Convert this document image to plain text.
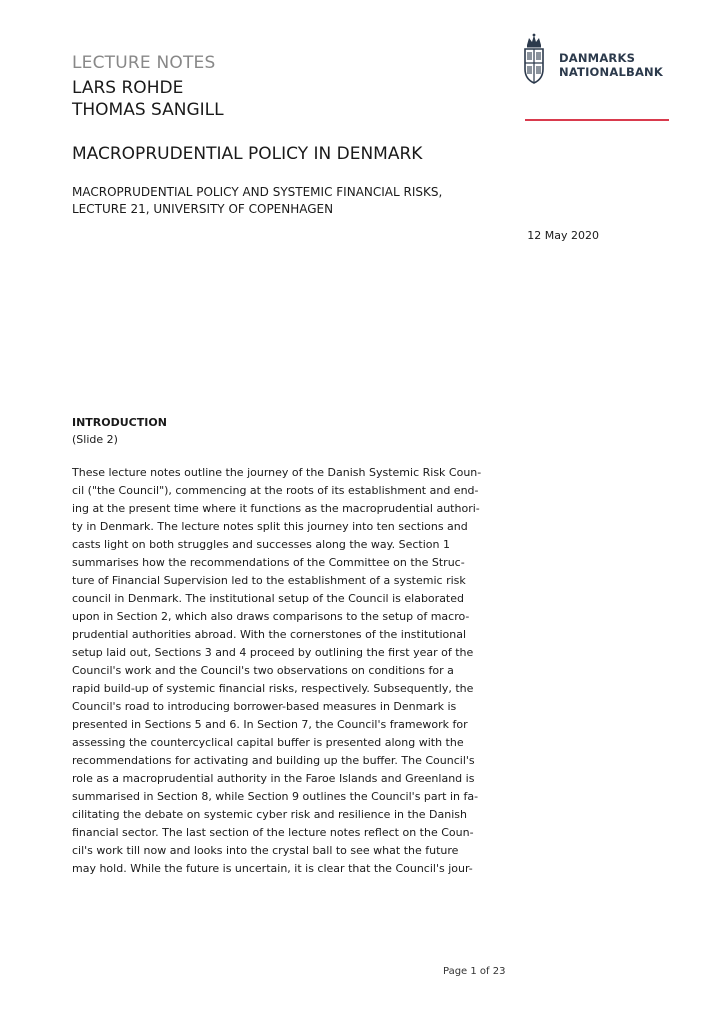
LECTURE NOTES
LARS ROHDE
THOMAS SANGILL
MACROPRUDENTIAL POLICY IN DENMARK
MACROPRUDENTIAL POLICY AND SYSTEMIC FINANCIAL RISKS,
LECTURE 21, UNIVERSITY OF COPENHAGEN
12 May 2020
DANMARKS
NATIONALBANK
INTRODUCTION
(Slide 2)
These lecture notes outline the journey of the Danish Systemic Risk Coun-
cil ("the Council"), commencing at the roots of its establishment and end-
ing at the present time where it functions as the macroprudential authori-
ty in Denmark. The lecture notes split this journey into ten sections and
casts light on both struggles and successes along the way. Section 1
summarises how the recommendations of the Committee on the Struc-
ture of Financial Supervision led to the establishment of a systemic risk
council in Denmark. The institutional setup of the Council is elaborated
upon in Section 2, which also draws comparisons to the setup of macro-
prudential authorities abroad. With the cornerstones of the institutional
setup laid out, Sections 3 and 4 proceed by outlining the first year of the
Council's work and the Council's two observations on conditions for a
rapid build-up of systemic financial risks, respectively. Subsequently, the
Council's road to introducing borrower-based measures in Denmark is
presented in Sections 5 and 6. In Section 7, the Council's framework for
assessing the countercyclical capital buffer is presented along with the
recommendations for activating and building up the buffer. The Council's
role as a macroprudential authority in the Faroe Islands and Greenland is
summarised in Section 8, while Section 9 outlines the Council's part in fa-
cilitating the debate on systemic cyber risk and resilience in the Danish
financial sector. The last section of the lecture notes reflect on the Coun-
cil's work till now and looks into the crystal ball to see what the future
may hold. While the future is uncertain, it is clear that the Council's jour-
Page 1 of 23
